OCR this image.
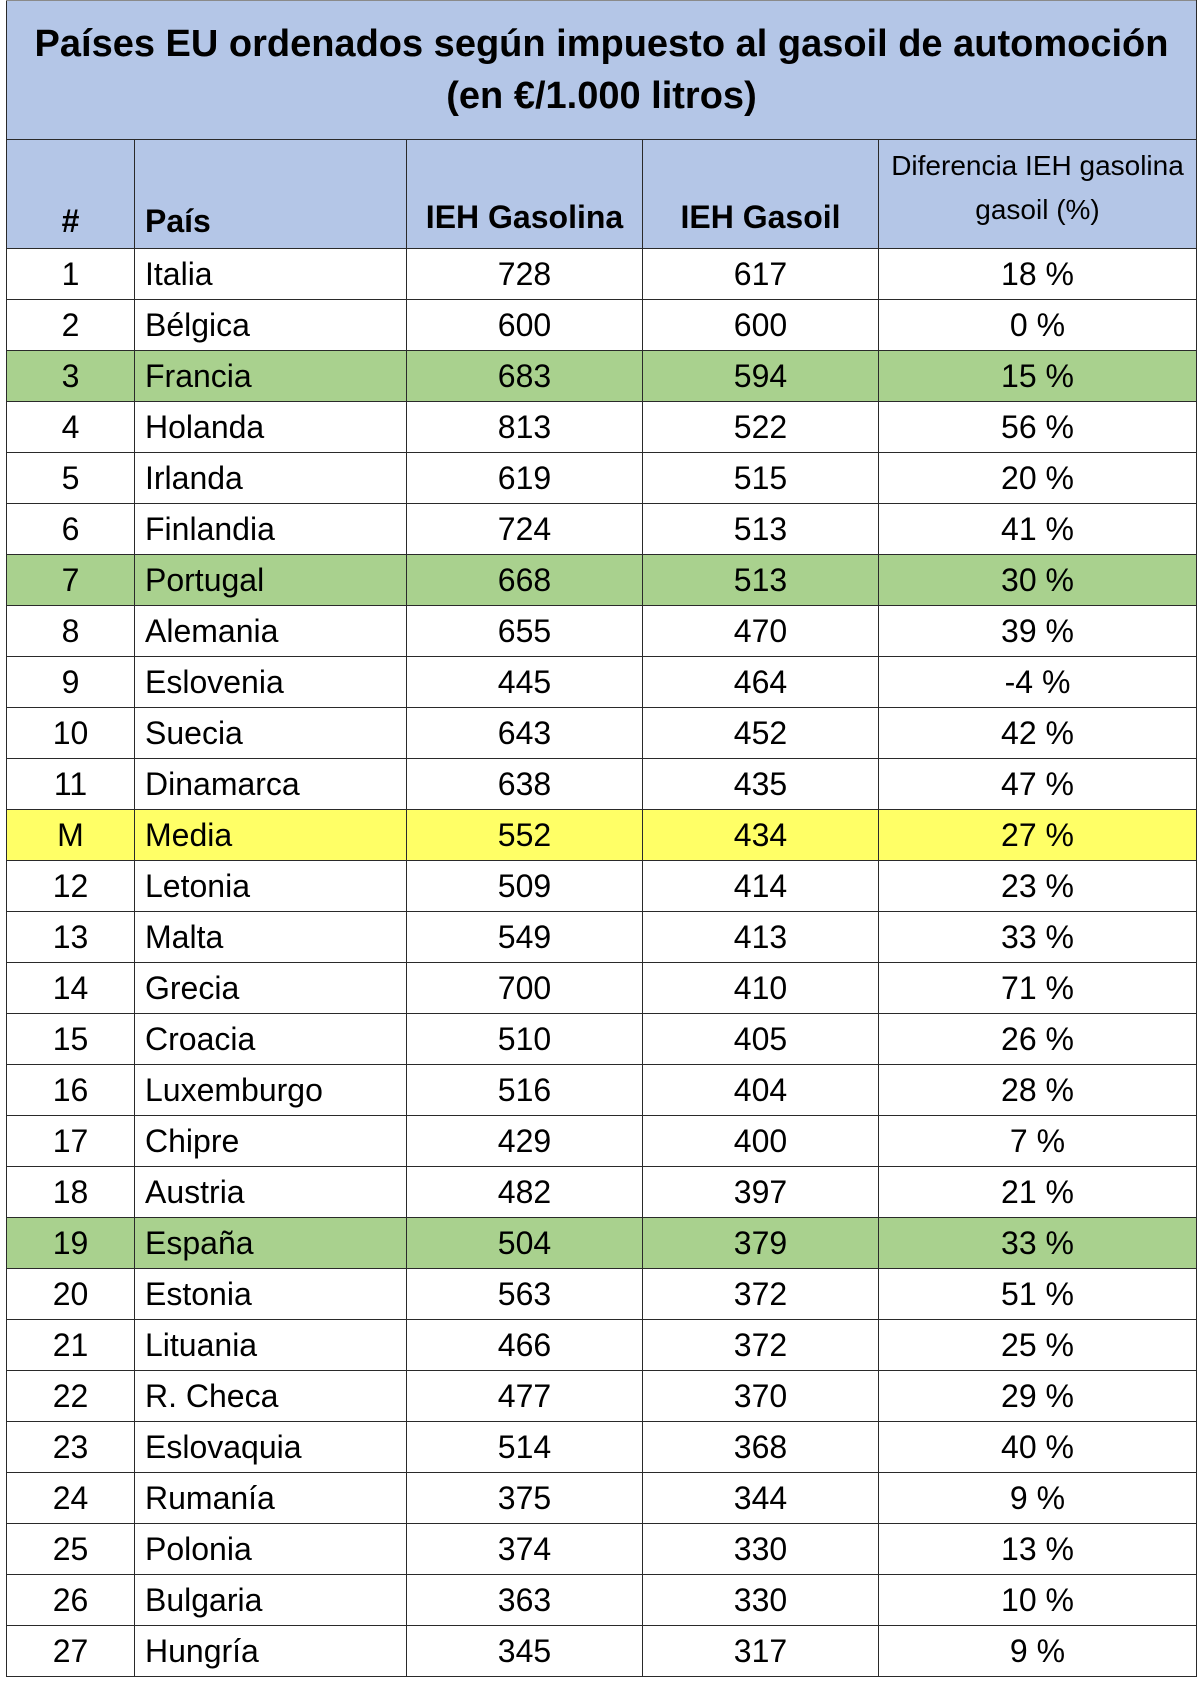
Países EU ordenados según impuesto al gasoil de automoción (en €/1.000 litros)				
#	País	IEH Gasolina	IEH Gasoil	Diferencia IEH gasolina gasoil (%)

1	Italia	728	617	18 %
2	Bélgica	600	600	0 %
3	Francia	683	594	15 %
4	Holanda	813	522	56 %
5	Irlanda	619	515	20 %
6	Finlandia	724	513	41 %
7	Portugal	668	513	30 %
8	Alemania	655	470	39 %
9	Eslovenia	445	464	-4 %
10	Suecia	643	452	42 %
11	Dinamarca	638	435	47 %
M	Media	552	434	27 %
12	Letonia	509	414	23 %
13	Malta	549	413	33 %
14	Grecia	700	410	71 %
15	Croacia	510	405	26 %
16	Luxemburgo	516	404	28 %
17	Chipre	429	400	7 %
18	Austria	482	397	21 %
19	España	504	379	33 %
20	Estonia	563	372	51 %
21	Lituania	466	372	25 %
22	R. Checa	477	370	29 %
23	Eslovaquia	514	368	40 %
24	Rumanía	375	344	9 %
25	Polonia	374	330	13 %
26	Bulgaria	363	330	10 %
27	Hungría	345	317	9 %
